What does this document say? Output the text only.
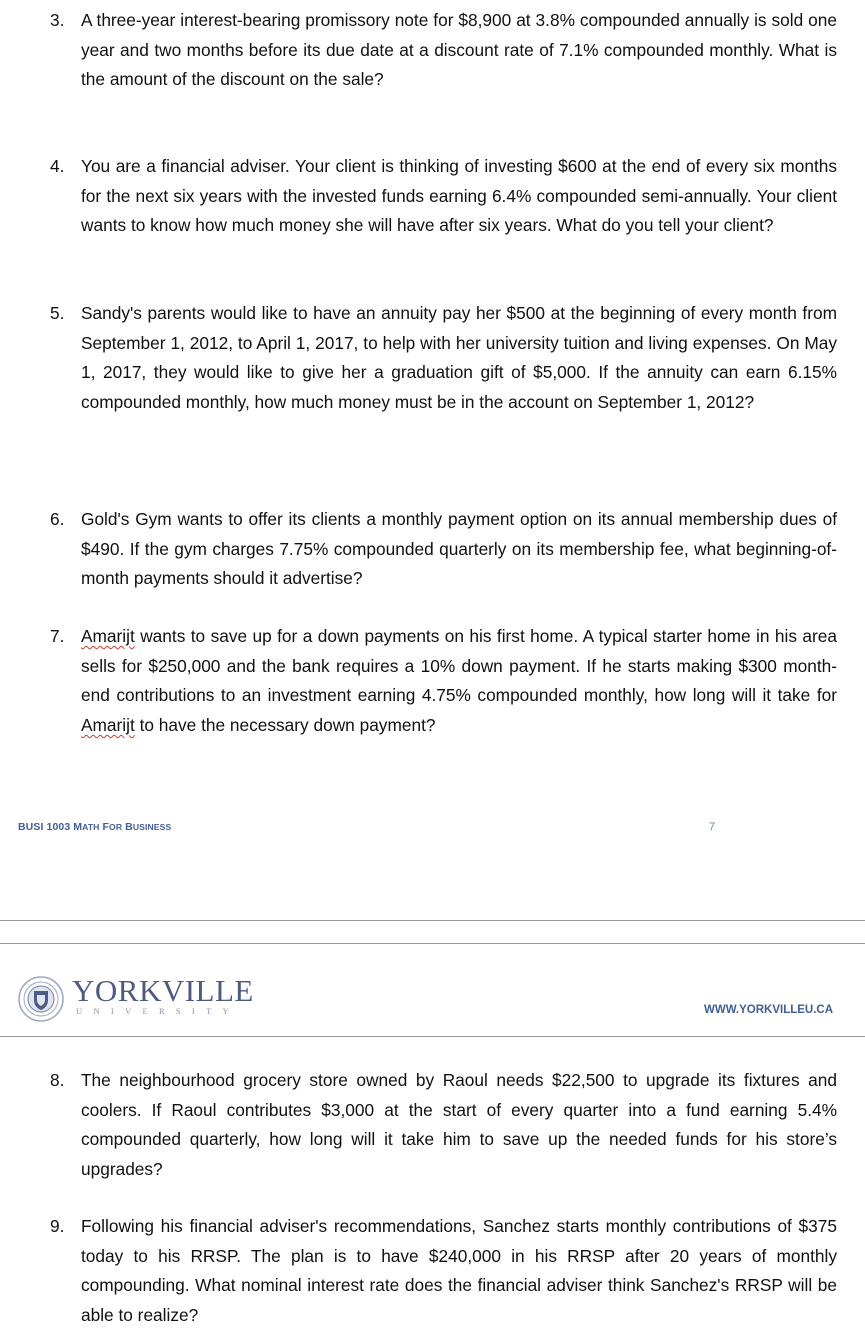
3. A three-year interest-bearing promissory note for $8,900 at 3.8% compounded annually is sold one year and two months before its due date at a discount rate of 7.1% compounded monthly. What is the amount of the discount on the sale?
4. You are a financial adviser. Your client is thinking of investing $600 at the end of every six months for the next six years with the invested funds earning 6.4% compounded semi-annually. Your client wants to know how much money she will have after six years. What do you tell your client?
5. Sandy's parents would like to have an annuity pay her $500 at the beginning of every month from September 1, 2012, to April 1, 2017, to help with her university tuition and living expenses. On May 1, 2017, they would like to give her a graduation gift of $5,000. If the annuity can earn 6.15% compounded monthly, how much money must be in the account on September 1, 2012?
6. Gold's Gym wants to offer its clients a monthly payment option on its annual membership dues of $490. If the gym charges 7.75% compounded quarterly on its membership fee, what beginning-of-month payments should it advertise?
7. Amarijt wants to save up for a down payments on his first home. A typical starter home in his area sells for $250,000 and the bank requires a 10% down payment. If he starts making $300 month-end contributions to an investment earning 4.75% compounded monthly, how long will it take for Amarijt to have the necessary down payment?
BUSI 1003 MATH FOR BUSINESS	7
YORKVILLE
UNIVERSITY	WWW.YORKVILLEU.CA
8. The neighbourhood grocery store owned by Raoul needs $22,500 to upgrade its fixtures and coolers. If Raoul contributes $3,000 at the start of every quarter into a fund earning 5.4% compounded quarterly, how long will it take him to save up the needed funds for his store’s upgrades?
9. Following his financial adviser's recommendations, Sanchez starts monthly contributions of $375 today to his RRSP. The plan is to have $240,000 in his RRSP after 20 years of monthly compounding. What nominal interest rate does the financial adviser think Sanchez's RRSP will be able to realize?
